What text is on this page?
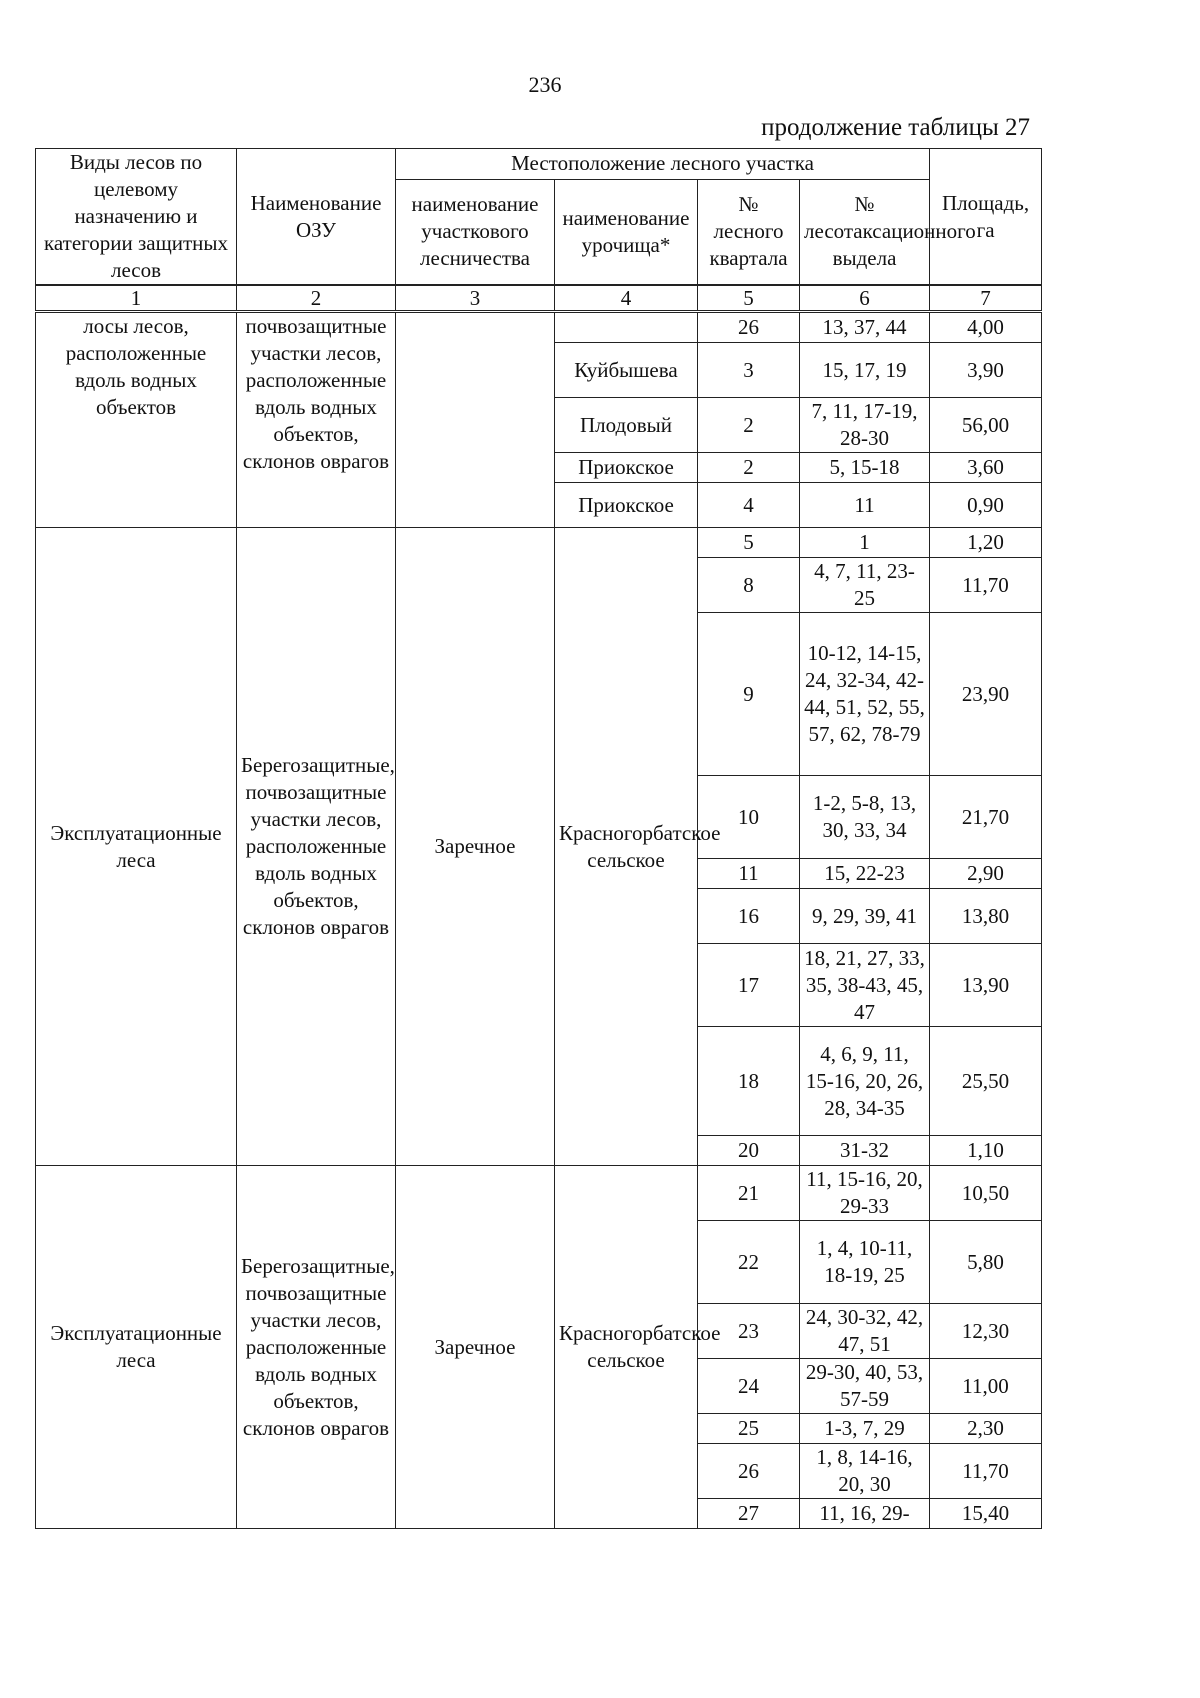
236
продолжение таблицы 27
Виды лесов по целевому назначению и категории защитных лесов	Наименование ОЗУ	Местоположение лесного участка				Площадь, га
		наименование участкового лесничества	наименование урочища*	№ лесного квартала	№ лесотаксационного выдела	
1	2	3	4	5	6	7
лосы лесов, расположенные вдоль водных объектов	почвозащитные участки лесов, расположенные вдоль водных объектов, склонов оврагов			26	13, 37, 44	4,00
			Куйбышева	3	15, 17, 19	3,90
			Плодовый	2	7, 11, 17-19, 28-30	56,00
			Приокское	2	5, 15-18	3,60
			Приокское	4	11	0,90
Эксплуатационные леса	Берегозащитные, почвозащитные участки лесов, расположенные вдоль водных объектов, склонов оврагов	Заречное	Красногорбатское сельское	5	1	1,20
				8	4, 7, 11, 23-25	11,70
				9	10-12, 14-15, 24, 32-34, 42-44, 51, 52, 55, 57, 62, 78-79	23,90
				10	1-2, 5-8, 13, 30, 33, 34	21,70
				11	15, 22-23	2,90
				16	9, 29, 39, 41	13,80
				17	18, 21, 27, 33, 35, 38-43, 45, 47	13,90
				18	4, 6, 9, 11, 15-16, 20, 26, 28, 34-35	25,50
				20	31-32	1,10
Эксплуатационные леса	Берегозащитные, почвозащитные участки лесов, расположенные вдоль водных объектов, склонов оврагов	Заречное	Красногорбатское сельское	21	11, 15-16, 20, 29-33	10,50
				22	1, 4, 10-11, 18-19, 25	5,80
				23	24, 30-32, 42, 47, 51	12,30
				24	29-30, 40, 53, 57-59	11,00
				25	1-3, 7, 29	2,30
				26	1, 8, 14-16, 20, 30	11,70
				27	11, 16, 29-	15,40
